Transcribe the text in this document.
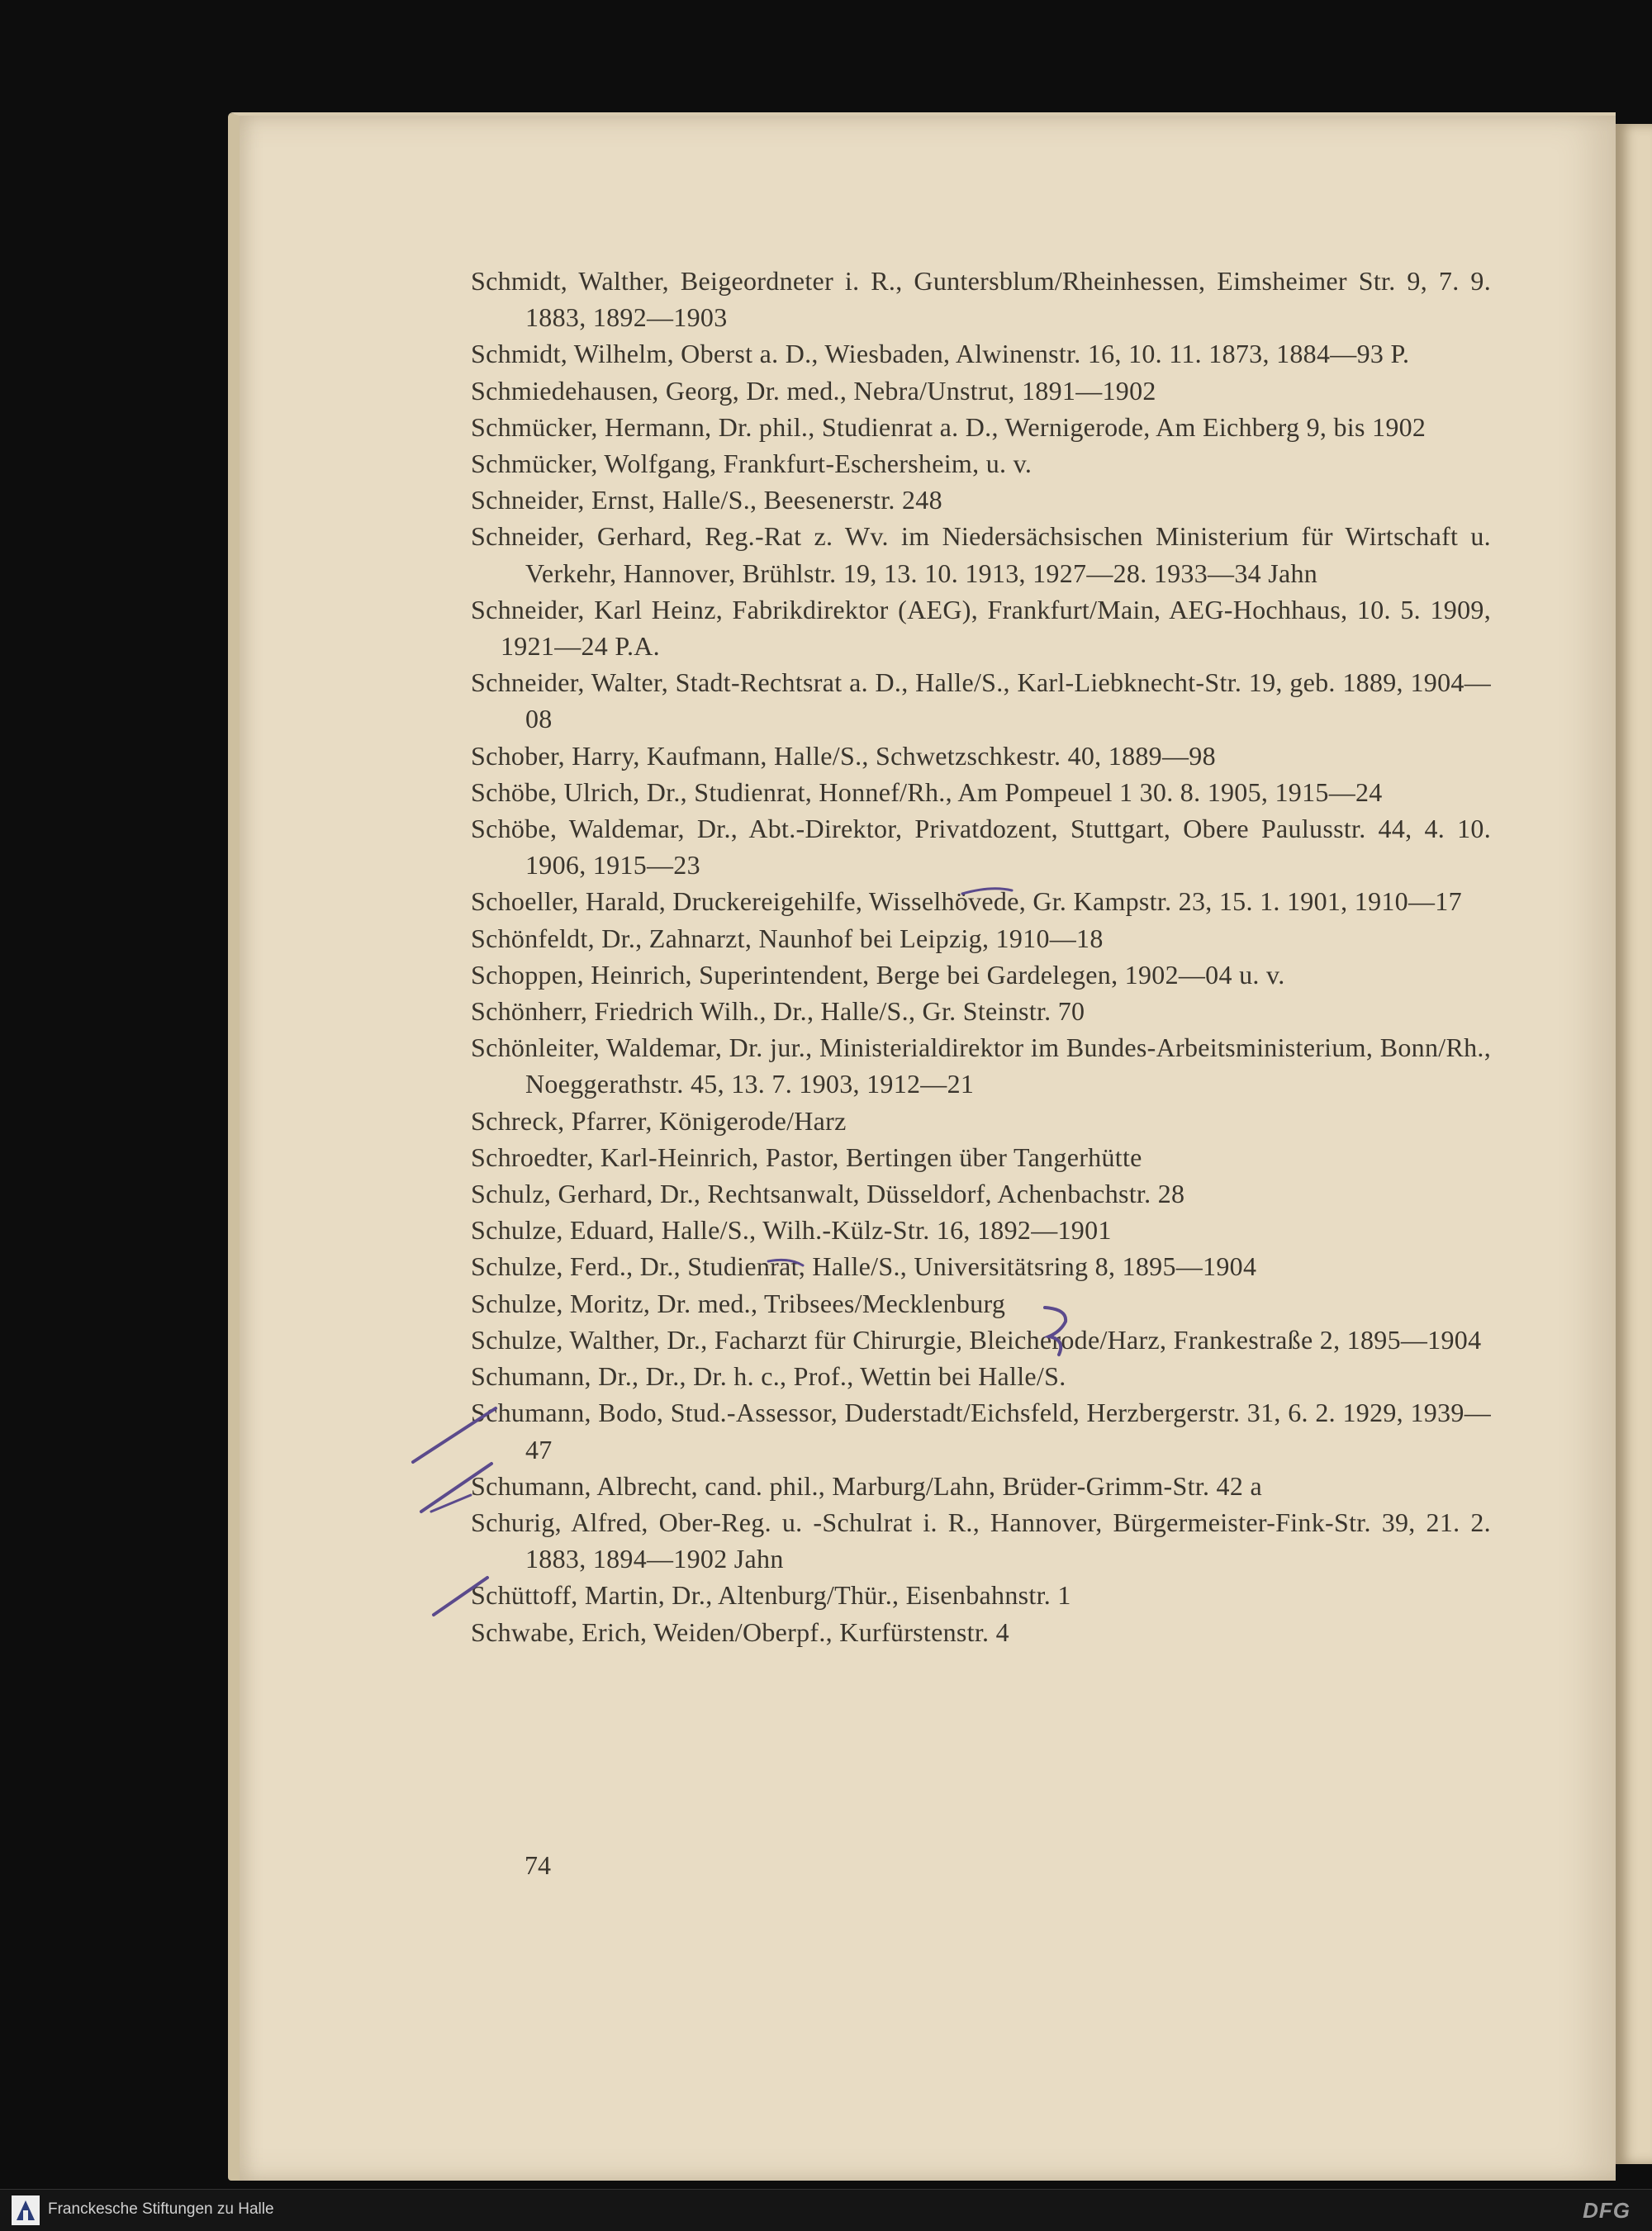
Schmidt, Walther, Beigeordneter i. R., Guntersblum/Rheinhessen, Eimsheimer Str. 9, 7. 9. 1883, 1892—1903
Schmidt, Wilhelm, Oberst a. D., Wiesbaden, Alwinenstr. 16, 10. 11. 1873, 1884—93 P.
Schmiedehausen, Georg, Dr. med., Nebra/Unstrut, 1891—1902
Schmücker, Hermann, Dr. phil., Studienrat a. D., Wernigerode, Am Eichberg 9, bis 1902
Schmücker, Wolfgang, Frankfurt-Eschersheim, u. v.
Schneider, Ernst, Halle/S., Beesenerstr. 248
Schneider, Gerhard, Reg.-Rat z. Wv. im Niedersächsischen Ministerium für Wirtschaft u. Verkehr, Hannover, Brühlstr. 19, 13. 10. 1913, 1927—28. 1933—34 Jahn
Schneider, Karl Heinz, Fabrikdirektor (AEG), Frankfurt/Main, AEG-Hochhaus, 10. 5. 1909, 1921—24 P.A.
Schneider, Walter, Stadt-Rechtsrat a. D., Halle/S., Karl-Liebknecht-Str. 19, geb. 1889, 1904—08
Schober, Harry, Kaufmann, Halle/S., Schwetzschkestr. 40, 1889—98
Schöbe, Ulrich, Dr., Studienrat, Honnef/Rh., Am Pompeuel 1 30. 8. 1905, 1915—24
Schöbe, Waldemar, Dr., Abt.-Direktor, Privatdozent, Stuttgart, Obere Paulusstr. 44, 4. 10. 1906, 1915—23
Schoeller, Harald, Druckereigehilfe, Wisselhövede, Gr. Kampstr. 23, 15. 1. 1901, 1910—17
Schönfeldt, Dr., Zahnarzt, Naunhof bei Leipzig, 1910—18
Schoppen, Heinrich, Superintendent, Berge bei Gardelegen, 1902—04 u. v.
Schönherr, Friedrich Wilh., Dr., Halle/S., Gr. Steinstr. 70
Schönleiter, Waldemar, Dr. jur., Ministerialdirektor im Bundes-Arbeitsministerium, Bonn/Rh., Noeggerathstr. 45, 13. 7. 1903, 1912—21
Schreck, Pfarrer, Königerode/Harz
Schroedter, Karl-Heinrich, Pastor, Bertingen über Tangerhütte
Schulz, Gerhard, Dr., Rechtsanwalt, Düsseldorf, Achenbachstr. 28
Schulze, Eduard, Halle/S., Wilh.-Külz-Str. 16, 1892—1901
Schulze, Ferd., Dr., Studienrat, Halle/S., Universitätsring 8, 1895—1904
Schulze, Moritz, Dr. med., Tribsees/Mecklenburg
Schulze, Walther, Dr., Facharzt für Chirurgie, Bleicherode/Harz, Frankestraße 2, 1895—1904
Schumann, Dr., Dr., Dr. h. c., Prof., Wettin bei Halle/S.
Schumann, Bodo, Stud.-Assessor, Duderstadt/Eichsfeld, Herzbergerstr. 31, 6. 2. 1929, 1939—47
Schumann, Albrecht, cand. phil., Marburg/Lahn, Brüder-Grimm-Str. 42 a
Schurig, Alfred, Ober-Reg. u. -Schulrat i. R., Hannover, Bürgermeister-Fink-Str. 39, 21. 2. 1883, 1894—1902 Jahn
Schüttoff, Martin, Dr., Altenburg/Thür., Eisenbahnstr. 1
Schwabe, Erich, Weiden/Oberpf., Kurfürstenstr. 4
74
Franckesche Stiftungen zu Halle	DFG
